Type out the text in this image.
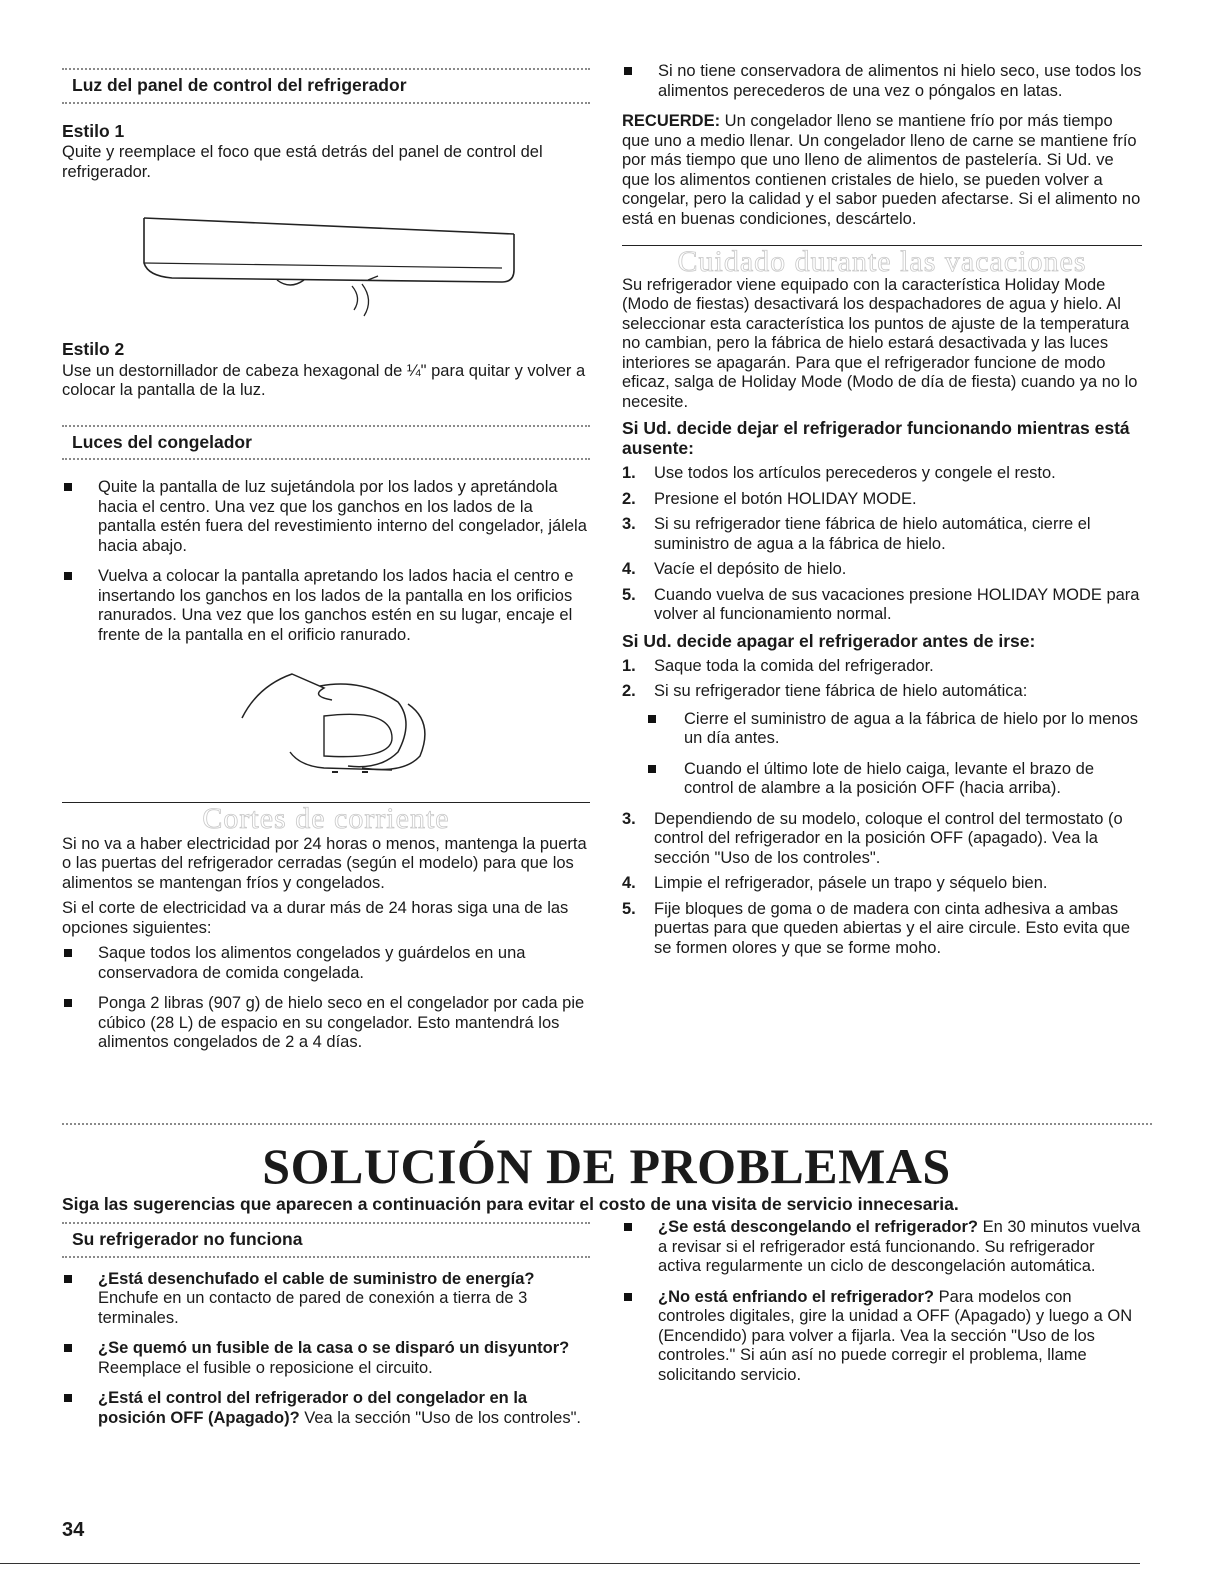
Luz del panel de control del refrigerador
Estilo 1

Quite y reemplace el foco que está detrás del panel de control del refrigerador.

Estilo 2

Use un destornillador de cabeza hexagonal de ¼" para quitar y volver a colocar la pantalla de la luz.

Luces del congelador
Quite la pantalla de luz sujetándola por los lados y apretándola hacia el centro. Una vez que los ganchos en los lados de la pantalla estén fuera del revestimiento interno del congelador, jálela hacia abajo.
Vuelva a colocar la pantalla apretando los lados hacia el centro e insertando los ganchos en los lados de la pantalla en los orificios ranurados. Una vez que los ganchos estén en su lugar, encaje el frente de la pantalla en el orificio ranurado.
Cortes de corriente

Si no va a haber electricidad por 24 horas o menos, mantenga la puerta o las puertas del refrigerador cerradas (según el modelo) para que los alimentos se mantengan fríos y congelados.

Si el corte de electricidad va a durar más de 24 horas siga una de las opciones siguientes:

Saque todos los alimentos congelados y guárdelos en una conservadora de comida congelada.
Ponga 2 libras (907 g) de hielo seco en el congelador por cada pie cúbico (28 L) de espacio en su congelador. Esto mantendrá los alimentos congelados de 2 a 4 días.
Si no tiene conservadora de alimentos ni hielo seco, use todos los alimentos perecederos de una vez o póngalos en latas.

RECUERDE: Un congelador lleno se mantiene frío por más tiempo que uno a medio llenar. Un congelador lleno de carne se mantiene frío por más tiempo que uno lleno de alimentos de pastelería. Si Ud. ve que los alimentos contienen cristales de hielo, se pueden volver a congelar, pero la calidad y el sabor pueden afectarse. Si el alimento no está en buenas condiciones, descártelo.

Cuidado durante las vacaciones

Su refrigerador viene equipado con la característica Holiday Mode (Modo de fiestas) desactivará los despachadores de agua y hielo. Al seleccionar esta característica los puntos de ajuste de la temperatura no cambian, pero la fábrica de hielo estará desactivada y las luces interiores se apagarán. Para que el refrigerador funcione de modo eficaz, salga de Holiday Mode (Modo de día de fiesta) cuando ya no lo necesite.

Si Ud. decide dejar el refrigerador funcionando mientras está ausente:
1. Use todos los artículos perecederos y congele el resto.
2. Presione el botón HOLIDAY MODE.
3. Si su refrigerador tiene fábrica de hielo automática, cierre el suministro de agua a la fábrica de hielo.
4. Vacíe el depósito de hielo.
5. Cuando vuelva de sus vacaciones presione HOLIDAY MODE para volver al funcionamiento normal.
Si Ud. decide apagar el refrigerador antes de irse:
1. Saque toda la comida del refrigerador.
2. Si su refrigerador tiene fábrica de hielo automática:
Cierre el suministro de agua a la fábrica de hielo por lo menos un día antes.
Cuando el último lote de hielo caiga, levante el brazo de control de alambre a la posición OFF (hacia arriba).
3. Dependiendo de su modelo, coloque el control del termostato (o control del refrigerador en la posición OFF (apagado). Vea la sección "Uso de los controles".
4. Limpie el refrigerador, pásele un trapo y séquelo bien.
5. Fije bloques de goma o de madera con cinta adhesiva a ambas puertas para que queden abiertas y el aire circule. Esto evita que se formen olores y que se forme moho.
SOLUCIÓN DE PROBLEMAS
Siga las sugerencias que aparecen a continuación para evitar el costo de una visita de servicio innecesaria.
Su refrigerador no funciona
¿Está desenchufado el cable de suministro de energía? Enchufe en un contacto de pared de conexión a tierra de 3 terminales.
¿Se quemó un fusible de la casa o se disparó un disyuntor? Reemplace el fusible o reposicione el circuito.
¿Está el control del refrigerador o del congelador en la posición OFF (Apagado)? Vea la sección "Uso de los controles".
¿Se está descongelando el refrigerador? En 30 minutos vuelva a revisar si el refrigerador está funcionando. Su refrigerador activa regularmente un ciclo de descongelación automática.
¿No está enfriando el refrigerador? Para modelos con controles digitales, gire la unidad a OFF (Apagado) y luego a ON (Encendido) para volver a fijarla. Vea la sección "Uso de los controles." Si aún así no puede corregir el problema, llame solicitando servicio.
34
